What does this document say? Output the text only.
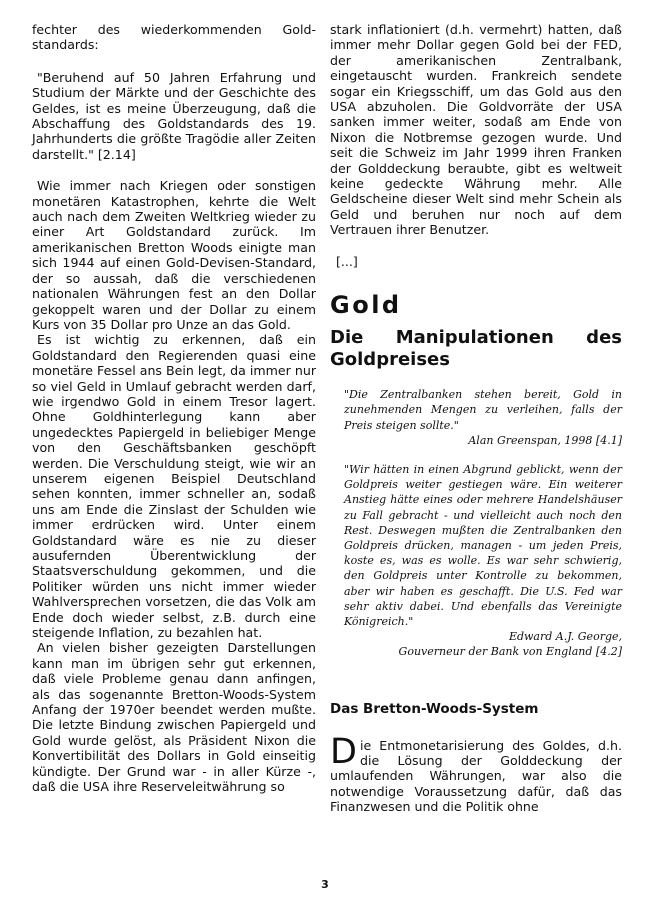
fechter des wiederkommenden Goldstandards:

"Beruhend auf 50 Jahren Erfahrung und Studium der Märkte und der Geschichte des Geldes, ist es meine Überzeugung, daß die Abschaffung des Goldstandards des 19. Jahrhunderts die größte Tragödie aller Zeiten darstellt." [2.14]

Wie immer nach Kriegen oder sonstigen monetären Katastrophen, kehrte die Welt auch nach dem Zweiten Weltkrieg wieder zu einer Art Goldstandard zurück. Im amerikanischen Bretton Woods einigte man sich 1944 auf einen Gold-Devisen-Standard, der so aussah, daß die verschiedenen nationalen Währungen fest an den Dollar gekoppelt waren und der Dollar zu einem Kurs von 35 Dollar pro Unze an das Gold.

Es ist wichtig zu erkennen, daß ein Goldstandard den Regierenden quasi eine monetäre Fessel ans Bein legt, da immer nur so viel Geld in Umlauf gebracht werden darf, wie irgendwo Gold in einem Tresor lagert. Ohne Goldhinterlegung kann aber ungedecktes Papiergeld in beliebiger Menge von den Geschäftsbanken geschöpft werden. Die Verschuldung steigt, wie wir an unserem eigenen Beispiel Deutschland sehen konnten, immer schneller an, sodaß uns am Ende die Zinslast der Schulden wie immer erdrücken wird. Unter einem Goldstandard wäre es nie zu dieser ausufernden Überentwicklung der Staatsverschuldung gekommen, und die Politiker würden uns nicht immer wieder Wahlversprechen vorsetzen, die das Volk am Ende doch wieder selbst, z.B. durch eine steigende Inflation, zu bezahlen hat.

An vielen bisher gezeigten Darstellungen kann man im übrigen sehr gut erkennen, daß viele Probleme genau dann anfingen, als das sogenannte Bretton-Woods-System Anfang der 1970er beendet werden mußte. Die letzte Bindung zwischen Papiergeld und Gold wurde gelöst, als Präsident Nixon die Konvertibilität des Dollars in Gold einseitig kündigte. Der Grund war - in aller Kürze -, daß die USA ihre Reserveleitwährung so

stark inflationiert (d.h. vermehrt) hatten, daß immer mehr Dollar gegen Gold bei der FED, der amerikanischen Zentralbank, eingetauscht wurden. Frankreich sendete sogar ein Kriegsschiff, um das Gold aus den USA abzuholen. Die Goldvorräte der USA sanken immer weiter, sodaß am Ende von Nixon die Notbremse gezogen wurde. Und seit die Schweiz im Jahr 1999 ihren Franken der Golddeckung beraubte, gibt es weltweit keine gedeckte Währung mehr. Alle Geldscheine dieser Welt sind mehr Schein als Geld und beruhen nur noch auf dem Vertrauen ihrer Benutzer.

[...]

Gold
Die Manipulationen des Goldpreises

"Die Zentralbanken stehen bereit, Gold in zunehmenden Mengen zu verleihen, falls der Preis steigen sollte."

Alan Greenspan, 1998 [4.1]

"Wir hätten in einen Abgrund geblickt, wenn der Goldpreis weiter gestiegen wäre. Ein weiterer Anstieg hätte eines oder mehrere Handelshäuser zu Fall gebracht - und vielleicht auch noch den Rest. Deswegen mußten die Zentralbanken den Goldpreis drücken, managen - um jeden Preis, koste es, was es wolle. Es war sehr schwierig, den Goldpreis unter Kontrolle zu bekommen, aber wir haben es geschafft. Die U.S. Fed war sehr aktiv dabei. Und ebenfalls das Vereinigte Königreich."

Edward A.J. George,

Gouverneur der Bank von England [4.2]

Das Bretton-Woods-System

Die Entmonetarisierung des Goldes, d.h. die Lösung der Golddeckung der umlaufenden Währungen, war also die notwendige Voraussetzung dafür, daß das Finanzwesen und die Politik ohne

3
